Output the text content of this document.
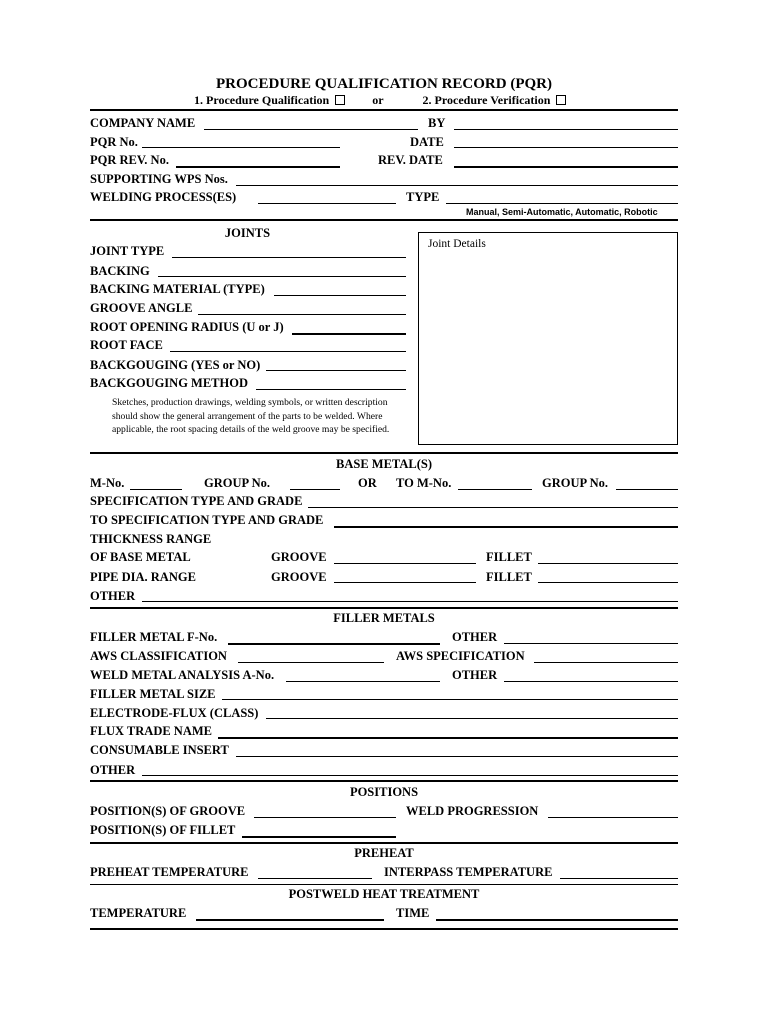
PROCEDURE QUALIFICATION RECORD (PQR)
1. Procedure Qualification	or	2. Procedure Verification
COMPANY NAME	BY
PQR No.	DATE
PQR REV. No.	REV. DATE
SUPPORTING WPS Nos.
WELDING PROCESS(ES)	TYPE
Manual, Semi-Automatic, Automatic, Robotic
JOINTS
JOINT TYPE
BACKING
BACKING MATERIAL (TYPE)
GROOVE ANGLE
ROOT OPENING RADIUS (U or J)
ROOT FACE
BACKGOUGING (YES or NO)
BACKGOUGING METHOD
Sketches, production drawings, welding symbols, or written description should show the general arrangement of the parts to be welded. Where applicable, the root spacing details of the weld groove may be specified.
Joint Details
BASE METAL(S)
M-No.	GROUP No.	OR TO M-No.	GROUP No.
SPECIFICATION TYPE AND GRADE
TO SPECIFICATION TYPE AND GRADE
THICKNESS RANGE
OF BASE METAL	GROOVE	FILLET
PIPE DIA. RANGE	GROOVE	FILLET
OTHER
FILLER METALS
FILLER METAL F-No.	OTHER
AWS CLASSIFICATION	AWS SPECIFICATION
WELD METAL ANALYSIS A-No.	OTHER
FILLER METAL SIZE
ELECTRODE-FLUX (CLASS)
FLUX TRADE NAME
CONSUMABLE INSERT
OTHER
POSITIONS
POSITION(S) OF GROOVE	WELD PROGRESSION
POSITION(S) OF FILLET
PREHEAT
PREHEAT TEMPERATURE	INTERPASS TEMPERATURE
POSTWELD HEAT TREATMENT
TEMPERATURE	TIME
